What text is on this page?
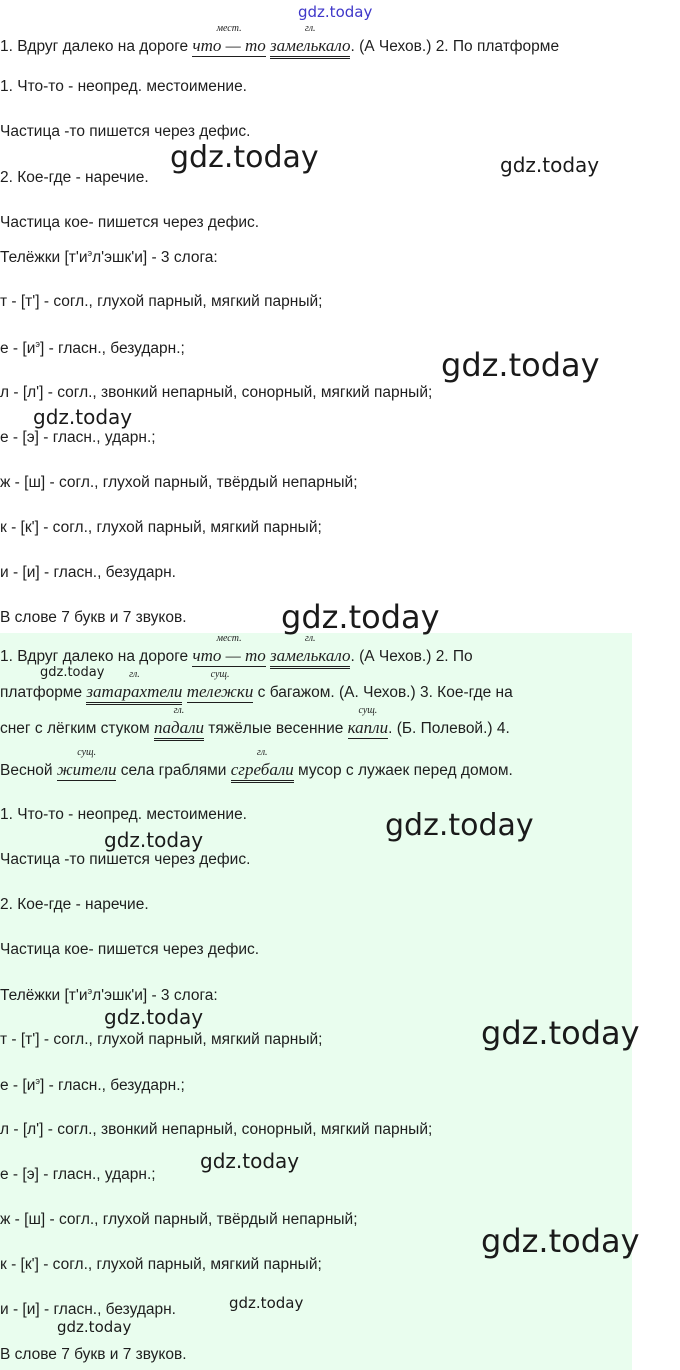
gdz.today
1. Вдруг далеко на дороге
мест.
что — то
гл.
замелькало. (А Чехов.) 2. По платформе
1. Что-то - неопред. местоимение.
Частица -то пишется через дефис.
2. Кое-где - наречие.
Частица кое- пишется через дефис.
Телёжки $[т'и^эл'эшк'и] - 3$ слога:
т - [т'] - согл., глухой парный, мягкий парный;
е - $[и^э]$ - гласн., безударн.;
л - [л'] - согл., звонкий непарный, сонорный, мягкий парный;
е - [э] - гласн., ударн.;
ж - [ш] - согл., глухой парный, твёрдый непарный;
к - [к'] - согл., глухой парный, мягкий парный;
и - [и] - гласн., безударн.
В слове 7 букв и 7 звуков.
1. Вдруг далеко на дороге
мест.
что — то
гл.
замелькало. (А Чехов.) 2. По
платформе
гл.
затарахтели
сущ.
тележки с багажом. (А. Чехов.) 3. Кое-где на
снег с лёгким стуком
гл.
падали тяжёлые весенние
сущ.
капли. (Б. Полевой.) 4.
Весной
сущ.
жители села граблями
гл.
сгребали мусор с лужаек перед домом.
1. Что-то - неопред. местоимение.
Частица -то пишется через дефис.
2. Кое-где - наречие.
Частица кое- пишется через дефис.
Телёжки $[т'и^эл'эшк'и] - 3$ слога:
т - [т'] - согл., глухой парный, мягкий парный;
е - $[и^э]$ - гласн., безударн.;
л - [л'] - согл., звонкий непарный, сонорный, мягкий парный;
е - [э] - гласн., ударн.;
ж - [ш] - согл., глухой парный, твёрдый непарный;
к - [к'] - согл., глухой парный, мягкий парный;
и - [и] - гласн., безударн.
В слове 7 букв и 7 звуков.
gdz.today	gdz.today
gdz.today
gdz.today
gdz.today
gdz.today
gdz.today
gdz.today
gdz.today	gdz.today
gdz.today
gdz.today
gdz.today
gdz.today
